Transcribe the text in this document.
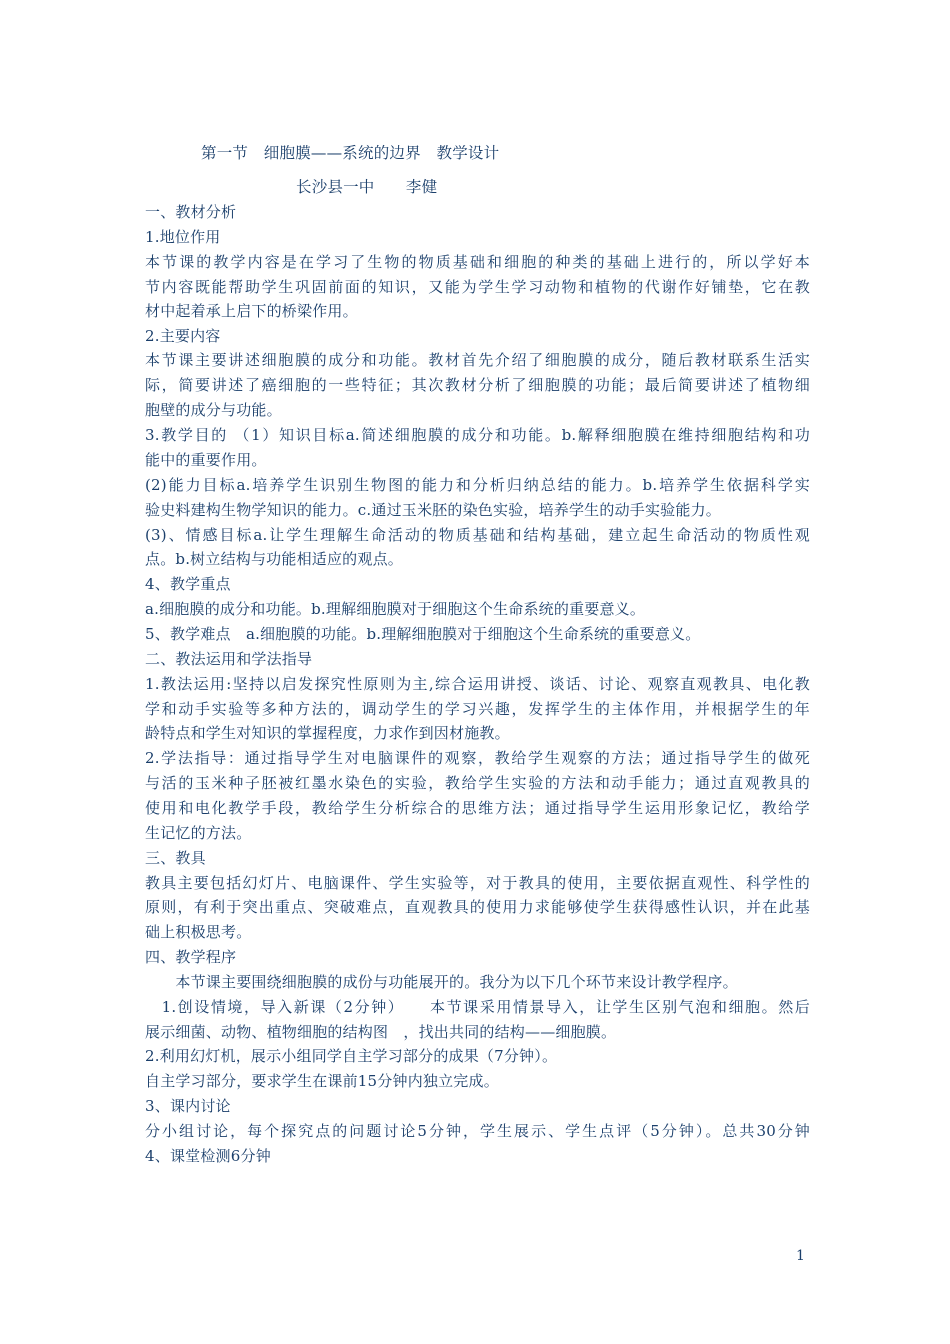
第一节　细胞膜——系统的边界　教学设计
长沙县一中　　李健
一、教材分析
1.地位作用
本节课的教学内容是在学习了生物的物质基础和细胞的种类的基础上进行的，所以学好本
节内容既能帮助学生巩固前面的知识，又能为学生学习动物和植物的代谢作好铺垫，它在教
材中起着承上启下的桥梁作用。
2.主要内容
本节课主要讲述细胞膜的成分和功能。教材首先介绍了细胞膜的成分，随后教材联系生活实
际，简要讲述了癌细胞的一些特征；其次教材分析了细胞膜的功能；最后简要讲述了植物细
胞壁的成分与功能。
3.教学目的 （1）知识目标a.简述细胞膜的成分和功能。b.解释细胞膜在维持细胞结构和功
能中的重要作用。
(2)能力目标a.培养学生识别生物图的能力和分析归纳总结的能力。b.培养学生依据科学实
验史料建构生物学知识的能力。c.通过玉米胚的染色实验，培养学生的动手实验能力。
(3)、情感目标a.让学生理解生命活动的物质基础和结构基础，建立起生命活动的物质性观
点。b.树立结构与功能相适应的观点。
4、教学重点
a.细胞膜的成分和功能。b.理解细胞膜对于细胞这个生命系统的重要意义。
5、教学难点　a.细胞膜的功能。b.理解细胞膜对于细胞这个生命系统的重要意义。
二、教法运用和学法指导
1.教法运用:坚持以启发探究性原则为主,综合运用讲授、谈话、讨论、观察直观教具、电化教
学和动手实验等多种方法的，调动学生的学习兴趣，发挥学生的主体作用，并根据学生的年
龄特点和学生对知识的掌握程度，力求作到因材施教。
2.学法指导：通过指导学生对电脑课件的观察，教给学生观察的方法；通过指导学生的做死
与活的玉米种子胚被红墨水染色的实验，教给学生实验的方法和动手能力；通过直观教具的
使用和电化教学手段，教给学生分析综合的思维方法；通过指导学生运用形象记忆，教给学
生记忆的方法。
三、教具
教具主要包括幻灯片、电脑课件、学生实验等，对于教具的使用，主要依据直观性、科学性的
原则，有利于突出重点、突破难点，直观教具的使用力求能够使学生获得感性认识，并在此基
础上积极思考。
四、教学程序
　　本节课主要围绕细胞膜的成份与功能展开的。我分为以下几个环节来设计教学程序。
　1.创设情境，导入新课（2分钟）　　本节课采用情景导入，让学生区别气泡和细胞。然后
展示细菌、动物、植物细胞的结构图　，找出共同的结构——细胞膜。
2.利用幻灯机，展示小组同学自主学习部分的成果（7分钟）。
自主学习部分，要求学生在课前15分钟内独立完成。
3、课内讨论
分小组讨论，每个探究点的问题讨论5分钟，学生展示、学生点评（5分钟）。总共30分钟
4、课堂检测6分钟
1
